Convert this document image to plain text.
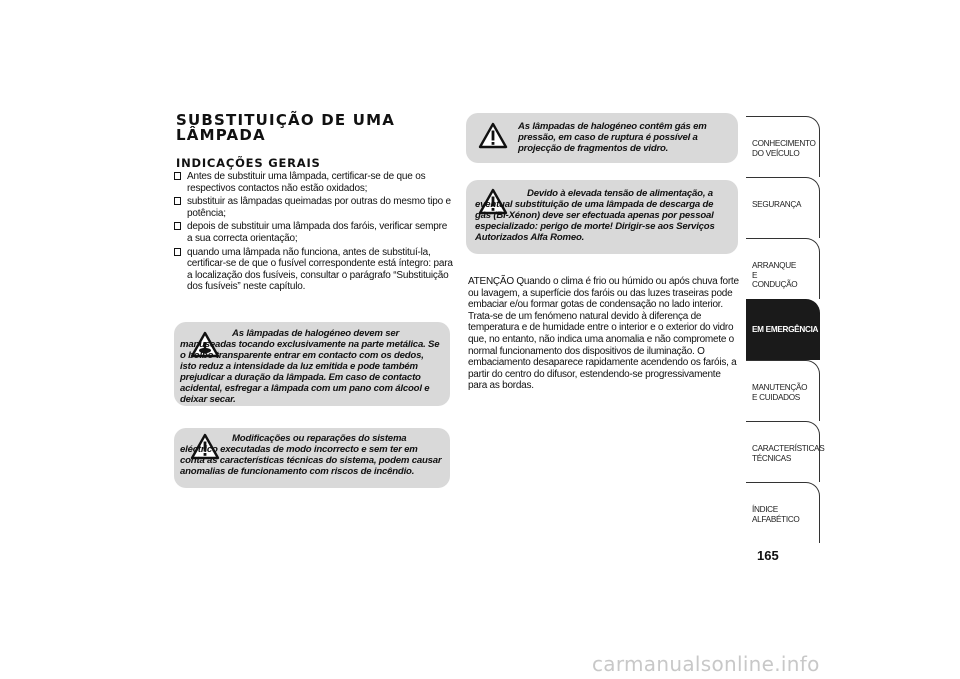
SUBSTITUIÇÃO DE UMA LÂMPADA
INDICAÇÕES GERAIS
Antes de substituir uma lâmpada, certificar-se de que os respectivos contactos não estão oxidados;
substituir as lâmpadas queimadas por outras do mesmo tipo e potência;
depois de substituir uma lâmpada dos faróis, verificar sempre a sua correcta orientação;
quando uma lâmpada não funciona, antes de substituí-la, certificar-se de que o fusível correspondente está íntegro: para a localização dos fusíveis, consultar o parágrafo “Substituição dos fusíveis” neste capítulo.
As lâmpadas de halogéneo devem ser manuseadas tocando exclusivamente na parte metálica. Se o bolbo transparente entrar em contacto com os dedos, isto reduz a intensidade da luz emitida e pode também prejudicar a duração da lâmpada. Em caso de contacto acidental, esfregar a lâmpada com um pano com álcool e deixar secar.
Modificações ou reparações do sistema eléctrico executadas de modo incorrecto e sem ter em conta as características técnicas do sistema, podem causar anomalias de funcionamento com riscos de incêndio.
As lâmpadas de halogéneo contêm gás em pressão, em caso de ruptura é possível a projecção de fragmentos de vidro.
Devido à elevada tensão de alimentação, a eventual substituição de uma lâmpada de descarga de gás (Bi-Xénon) deve ser efectuada apenas por pessoal especializado: perigo de morte! Dirigir-se aos Serviços Autorizados Alfa Romeo.
ATENÇÃO Quando o clima é frio ou húmido ou após chuva forte ou lavagem, a superfície dos faróis ou das luzes traseiras pode embaciar e/ou formar gotas de condensação no lado interior. Trata-se de um fenómeno natural devido à diferença de temperatura e de humidade entre o interior e o exterior do vidro que, no entanto, não indica uma anomalia e não compromete o normal funcionamento dos dispositivos de iluminação. O embaciamento desaparece rapidamente acendendo os faróis, a partir do centro do difusor, estendendo-se progressivamente para as bordas.
CONHECIMENTO DO VEÍCULO
SEGURANÇA
ARRANQUE E CONDUÇÃO
EM EMERGÊNCIA
MANUTENÇÃO E CUIDADOS
CARACTERÍSTICAS TÉCNICAS
ÍNDICE ALFABÉTICO
165
carmanualsonline.info
